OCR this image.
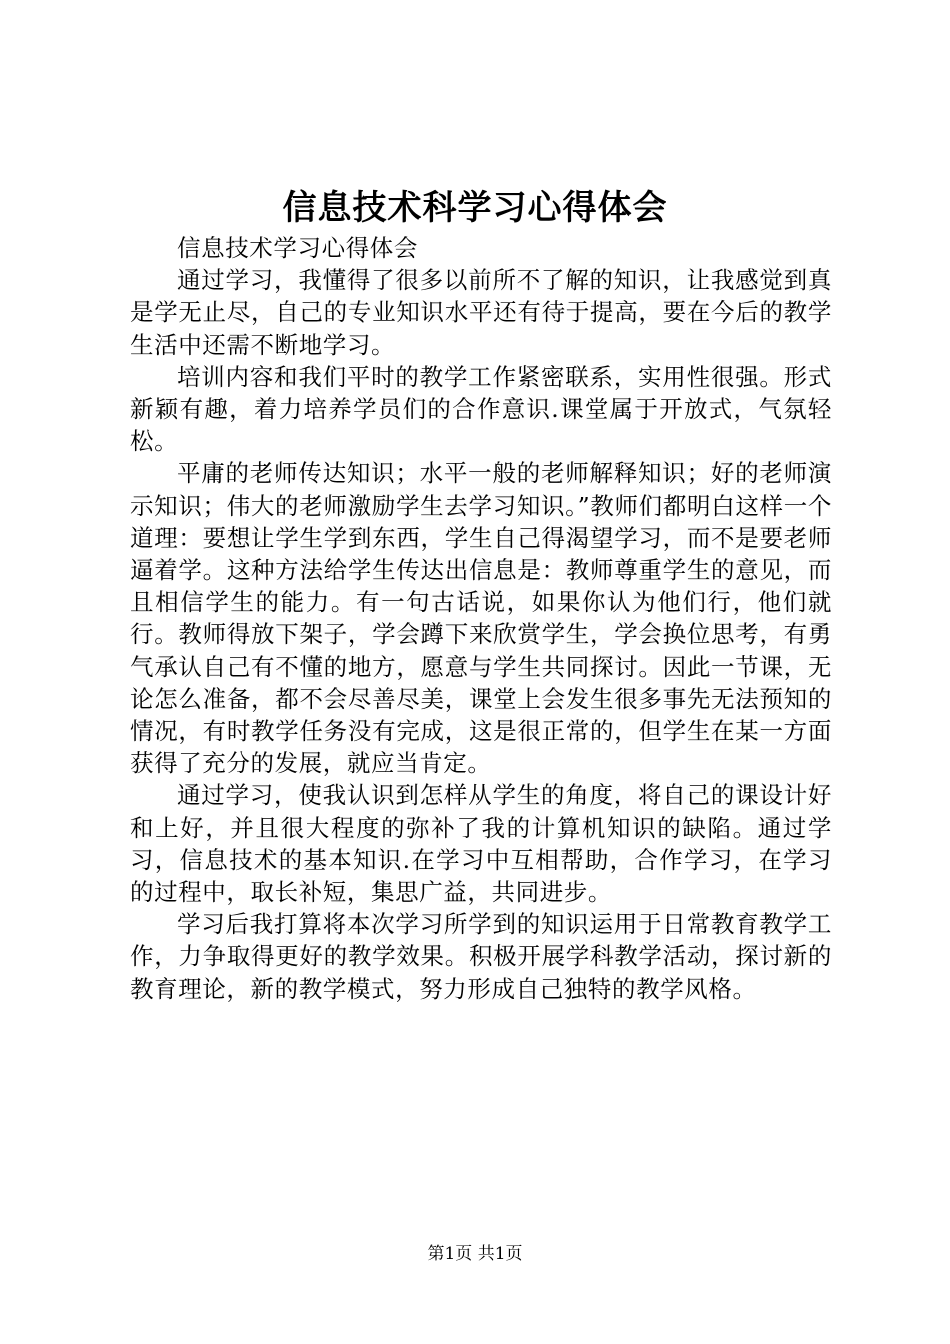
信息技术科学习心得体会

信息技术学习心得体会

通过学习，我懂得了很多以前所不了解的知识，让我感觉到真是学无止尽，自己的专业知识水平还有待于提高，要在今后的教学生活中还需不断地学习。

培训内容和我们平时的教学工作紧密联系，实用性很强。形式新颖有趣，着力培养学员们的合作意识.课堂属于开放式，气氛轻松。

平庸的老师传达知识；水平一般的老师解释知识；好的老师演示知识；伟大的老师激励学生去学习知识。”教师们都明白这样一个道理：要想让学生学到东西，学生自己得渴望学习，而不是要老师逼着学。这种方法给学生传达出信息是：教师尊重学生的意见，而且相信学生的能力。有一句古话说，如果你认为他们行，他们就行。教师得放下架子，学会蹲下来欣赏学生，学会换位思考，有勇气承认自己有不懂的地方，愿意与学生共同探讨。因此一节课，无论怎么准备，都不会尽善尽美，课堂上会发生很多事先无法预知的情况，有时教学任务没有完成，这是很正常的，但学生在某一方面获得了充分的发展，就应当肯定。

通过学习，使我认识到怎样从学生的角度，将自己的课设计好和上好，并且很大程度的弥补了我的计算机知识的缺陷。通过学习，信息技术的基本知识.在学习中互相帮助，合作学习，在学习的过程中，取长补短，集思广益，共同进步。

学习后我打算将本次学习所学到的知识运用于日常教育教学工作，力争取得更好的教学效果。积极开展学科教学活动，探讨新的教育理论，新的教学模式，努力形成自己独特的教学风格。

第1页 共1页
